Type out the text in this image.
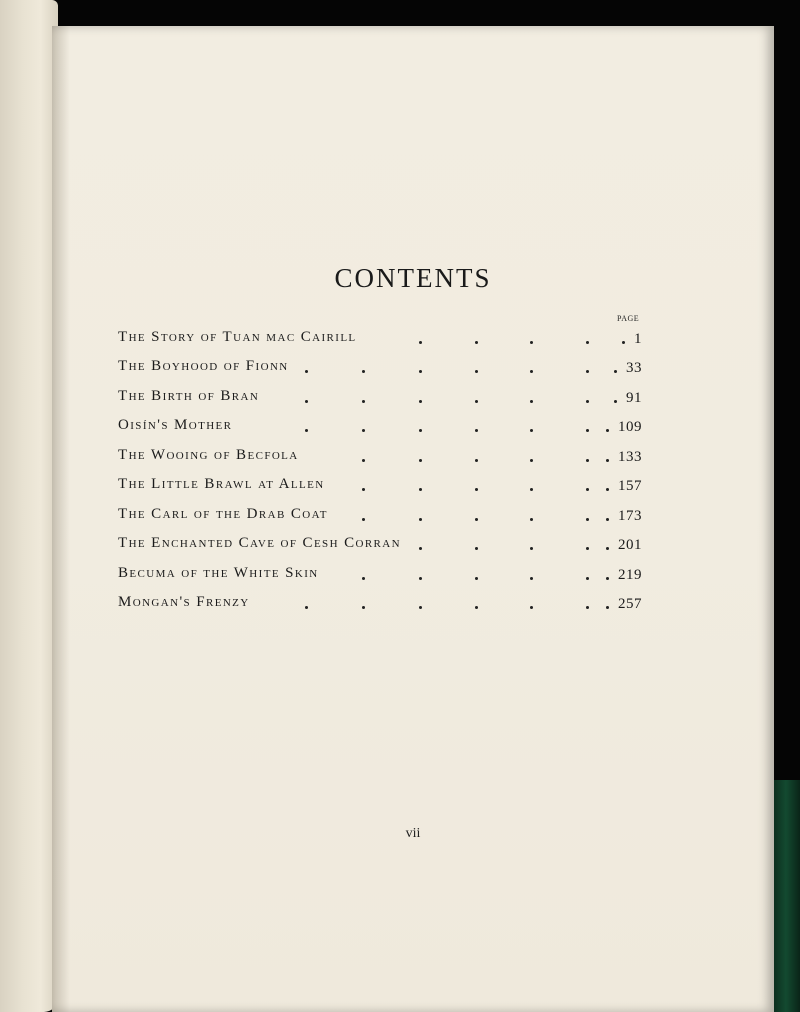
CONTENTS
PAGE
The Story of Tuan mac Cairill	1
The Boyhood of Fionn	33
The Birth of Bran	91
Oisín's Mother	109
The Wooing of Becfola	133
The Little Brawl at Allen	157
The Carl of the Drab Coat	173
The Enchanted Cave of Cesh Corran	201
Becuma of the White Skin	219
Mongan's Frenzy	257
vii
